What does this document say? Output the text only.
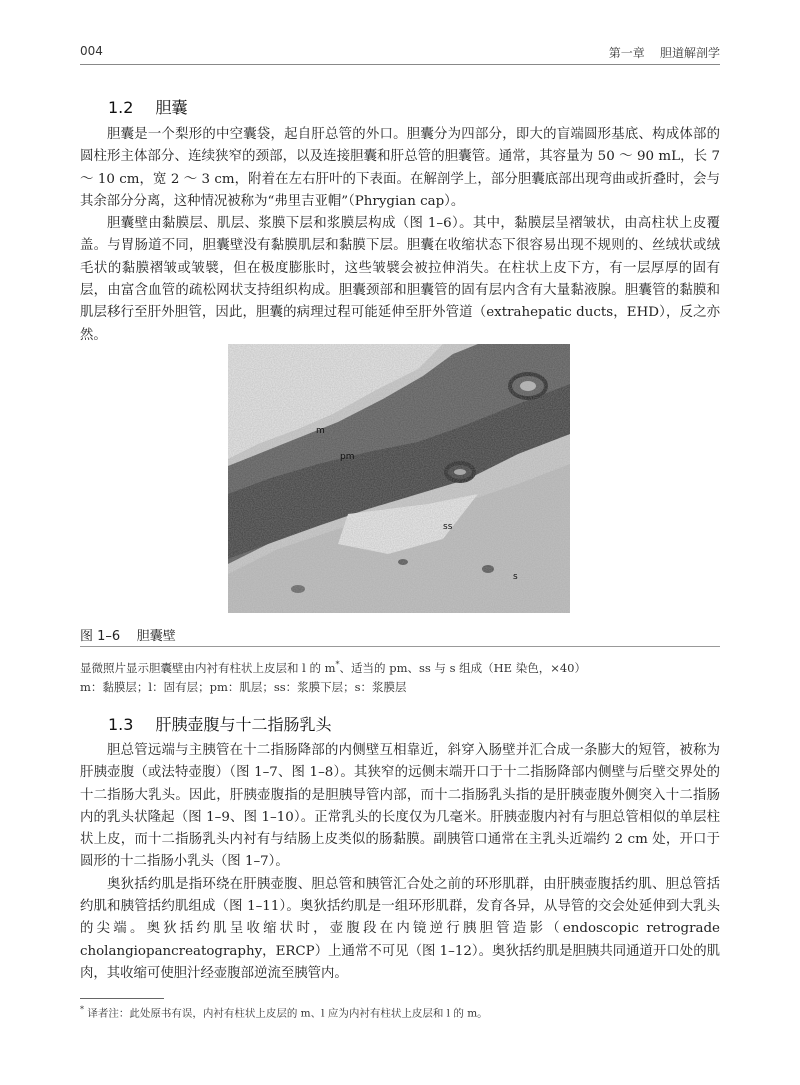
004	第一章    胆道解剖学
1.2 胆囊

胆囊是一个梨形的中空囊袋，起自肝总管的外口。胆囊分为四部分，即大的盲端圆形基底、构成体部的圆柱形主体部分、连续狭窄的颈部，以及连接胆囊和肝总管的胆囊管。通常，其容量为 50 ～ 90 mL，长 7 ～ 10 cm，宽 2 ～ 3 cm，附着在左右肝叶的下表面。在解剖学上，部分胆囊底部出现弯曲或折叠时，会与其余部分分离，这种情况被称为“弗里吉亚帽”（Phrygian cap）。

胆囊壁由黏膜层、肌层、浆膜下层和浆膜层构成（图 1–6）。其中，黏膜层呈褶皱状，由高柱状上皮覆盖。与胃肠道不同，胆囊壁没有黏膜肌层和黏膜下层。胆囊在收缩状态下很容易出现不规则的、丝绒状或绒毛状的黏膜褶皱或皱襞，但在极度膨胀时，这些皱襞会被拉伸消失。在柱状上皮下方，有一层厚厚的固有层，由富含血管的疏松网状支持组织构成。胆囊颈部和胆囊管的固有层内含有大量黏液腺。胆囊管的黏膜和肌层移行至肝外胆管，因此，胆囊的病理过程可能延伸至肝外管道（extrahepatic ducts，EHD），反之亦然。

m
pm
ss
s
图 1–6    胆囊壁
显微照片显示胆囊壁由内衬有柱状上皮层和 l 的 m*、适当的 pm、ss 与 s 组成（HE 染色，×40）
m：黏膜层；l：固有层；pm：肌层；ss：浆膜下层；s：浆膜层
1.3 肝胰壶腹与十二指肠乳头

胆总管远端与主胰管在十二指肠降部的内侧壁互相靠近，斜穿入肠壁并汇合成一条膨大的短管，被称为肝胰壶腹（或法特壶腹）（图 1–7、图 1–8）。其狭窄的远侧末端开口于十二指肠降部内侧壁与后壁交界处的十二指肠大乳头。因此，肝胰壶腹指的是胆胰导管内部，而十二指肠乳头指的是肝胰壶腹外侧突入十二指肠内的乳头状隆起（图 1–9、图 1–10）。正常乳头的长度仅为几毫米。肝胰壶腹内衬有与胆总管相似的单层柱状上皮，而十二指肠乳头内衬有与结肠上皮类似的肠黏膜。副胰管口通常在主乳头近端约 2 cm 处，开口于圆形的十二指肠小乳头（图 1–7）。

奥狄括约肌是指环绕在肝胰壶腹、胆总管和胰管汇合处之前的环形肌群，由肝胰壶腹括约肌、胆总管括约肌和胰管括约肌组成（图 1–11）。奥狄括约肌是一组环形肌群，发育各异，从导管的交会处延伸到大乳头的尖端。奥狄括约肌呈收缩状时，壶腹段在内镜逆行胰胆管造影（endoscopic retrograde cholangiopancreatography，ERCP）上通常不可见（图 1–12）。奥狄括约肌是胆胰共同通道开口处的肌肉，其收缩可使胆汁经壶腹部逆流至胰管内。

* 译者注：此处原书有误，内衬有柱状上皮层的 m、l 应为内衬有柱状上皮层和 l 的 m。
